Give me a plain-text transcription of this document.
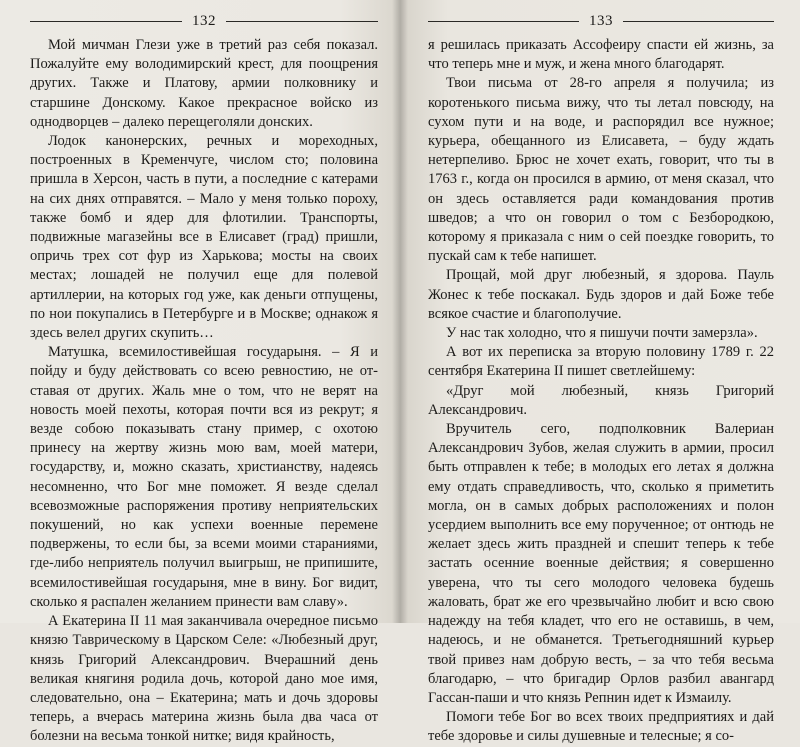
132

Мой мичман Глези уже в третий раз себя показал. Пожалуйте ему володимирский крест, для поощрения других. Также и Платову, армии полковнику и старшине Донскому. Какое прекрасное войско из однодворцев – далеко перещеголяли донских.

Лодок канонерских, речных и мореходных, построенных в Кременчуге, числом сто; половина пришла в Херсон, часть в пути, а последние с катерами на сих днях отправятся. – Мало у меня только пороху, также бомб и ядер для флотилии. Транспорты, подвижные магазейны все в Елисавет (град) пришли, опричь трех сот фур из Харькова; мосты на своих местах; лошадей не получил еще для полевой артиллерии, на которых год уже, как деньги отпущены, по нои покупались в Петербурге и в Москве; однакож я здесь велел других скупить…

Матушка, всемилостивейшая государыня. – Я и пойду и буду действовать со всею ревностию, не от-ставая от других. Жаль мне о том, что не верят на новость моей пехоты, которая почти вся из рекрут; я везде собою показывать стану пример, с охотою принесу на жертву жизнь мою вам, моей матери, государству, и, можно сказать, христианству, надеясь несомненно, что Бог мне поможет. Я везде сделал всевозможные распоряжения противу неприятельских покушений, но как успехи военные перемене подвержены, то если бы, за всеми моими стараниями, где-либо неприятель получил выигрыш, не припишите, всемилостивейшая государыня, мне в вину. Бог видит, сколько я распален желанием принести вам славу».

А Екатерина II 11 мая заканчивала очередное письмо князю Таврическому в Царском Селе: «Любезный друг, князь Григорий Александрович. Вчерашний день великая княгиня родила дочь, которой дано мое имя, следовательно, она – Екатерина; мать и дочь здоровы теперь, а вчерась материна жизнь была два часа от болезни на весьма тонкой нитке; видя крайность,

133

я решилась приказать Ассофеиру спасти ей жизнь, за что теперь мне и муж, и жена много благодарят.

Твои письма от 28-го апреля я получила; из коротенького письма вижу, что ты летал повсюду, на сухом пути и на воде, и распорядил все нужное; курьера, обещанного из Елисавета, – буду ждать нетерпеливо. Брюс не хочет ехать, говорит, что ты в 1763 г., когда он просился в армию, от меня сказал, что он здесь оставляется ради командования против шведов; а что он говорил о том с Безбородкою, которому я приказала с ним о сей поездке говорить, то пускай сам к тебе напишет.

Прощай, мой друг любезный, я здорова. Пауль Жонес к тебе поскакал. Будь здоров и дай Боже тебе всякое счастие и благополучие.

У нас так холодно, что я пишучи почти замерзла».

А вот их переписка за вторую половину 1789 г. 22 сентября Екатерина II пишет светлейшему:

«Друг мой любезный, князь Григорий Александрович.

Вручитель сего, подполковник Валериан Александрович Зубов, желая служить в армии, просил быть отправлен к тебе; в молодых его летах я должна ему отдать справедливость, что, сколько я приметить могла, он в самых добрых расположениях и полон усердием выполнить все ему порученное; от онтюдь не желает здесь жить праздней и спешит теперь к тебе застать осенние военные действия; я совершенно уверена, что ты сего молодого человека будешь жаловать, брат же его чрезвычайно любит и всю свою надежду на тебя кладет, что его не оставишь, в чем, надеюсь, и не обманется. Третьегодняшний курьер твой привез нам добрую весть, – за что тебя весьма благодарю, – что бригадир Орлов разбил авангард Гассан-паши и что князь Репнин идет к Измаилу.

Помоги тебе Бог во всех твоих предприятиях и дай тебе здоровье и силы душевные и телесные; я со-
